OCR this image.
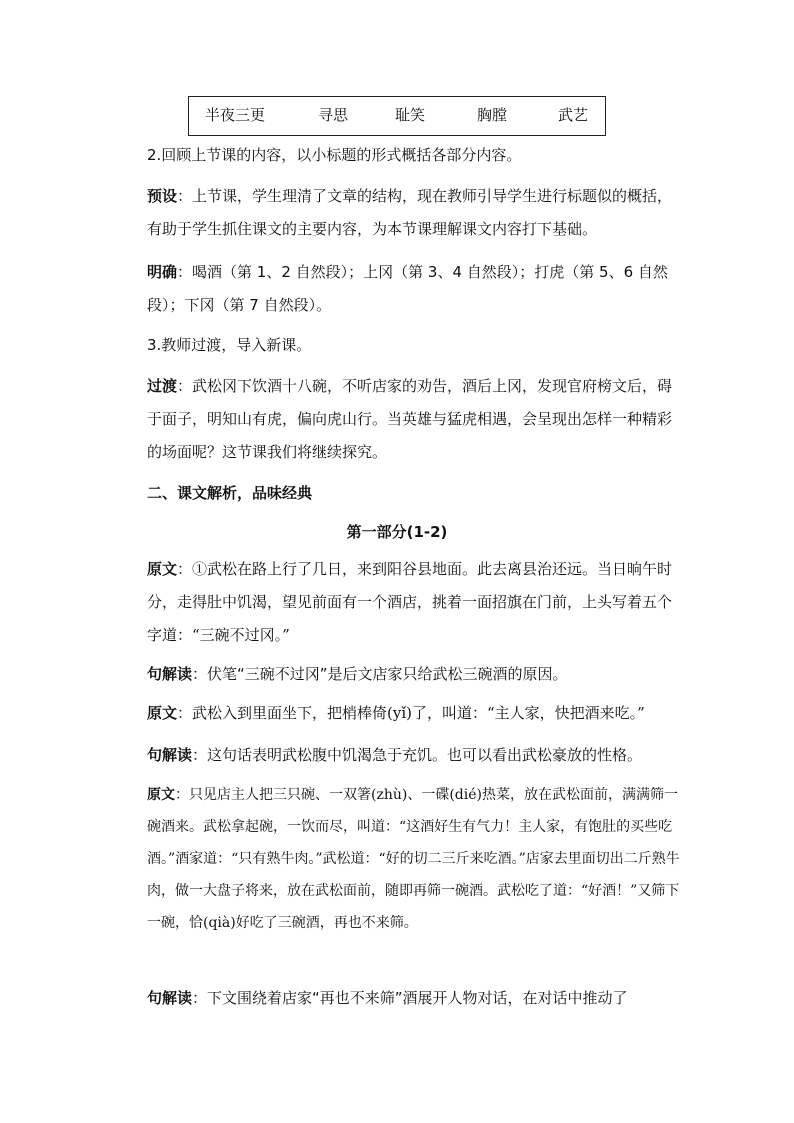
半夜三更	寻思	耻笑	胸膛	武艺

2.回顾上节课的内容，以小标题的形式概括各部分内容。

预设：上节课，学生理清了文章的结构，现在教师引导学生进行标题似的概括，有助于学生抓住课文的主要内容，为本节课理解课文内容打下基础。

明确：喝酒（第 1、2 自然段）；上冈（第 3、4 自然段）；打虎（第 5、6 自然段）；下冈（第 7 自然段）。

3.教师过渡，导入新课。

过渡：武松冈下饮酒十八碗，不听店家的劝告，酒后上冈，发现官府榜文后，碍于面子，明知山有虎，偏向虎山行。当英雄与猛虎相遇，会呈现出怎样一种精彩的场面呢？这节课我们将继续探究。

二、课文解析，品味经典
第一部分(1-2)

原文：①武松在路上行了几日，来到阳谷县地面。此去离县治还远。当日晌午时分，走得肚中饥渴，望见前面有一个酒店，挑着一面招旗在门前，上头写着五个字道：“三碗不过冈。”

句解读：伏笔“三碗不过冈”是后文店家只给武松三碗酒的原因。

原文：武松入到里面坐下，把梢棒倚(yǐ)了，叫道：“主人家，快把酒来吃。”

句解读：这句话表明武松腹中饥渴急于充饥。也可以看出武松豪放的性格。

原文：只见店主人把三只碗、一双箸(zhù)、一碟(dié)热菜，放在武松面前，满满筛一碗酒来。武松拿起碗，一饮而尽，叫道：“这酒好生有气力！主人家，有饱肚的买些吃酒。”酒家道：“只有熟牛肉。”武松道：“好的切二三斤来吃酒。”店家去里面切出二斤熟牛肉，做一大盘子将来，放在武松面前，随即再筛一碗酒。武松吃了道：“好酒！”又筛下一碗，恰(qià)好吃了三碗酒，再也不来筛。

句解读：下文围绕着店家“再也不来筛”酒展开人物对话，在对话中推动了
